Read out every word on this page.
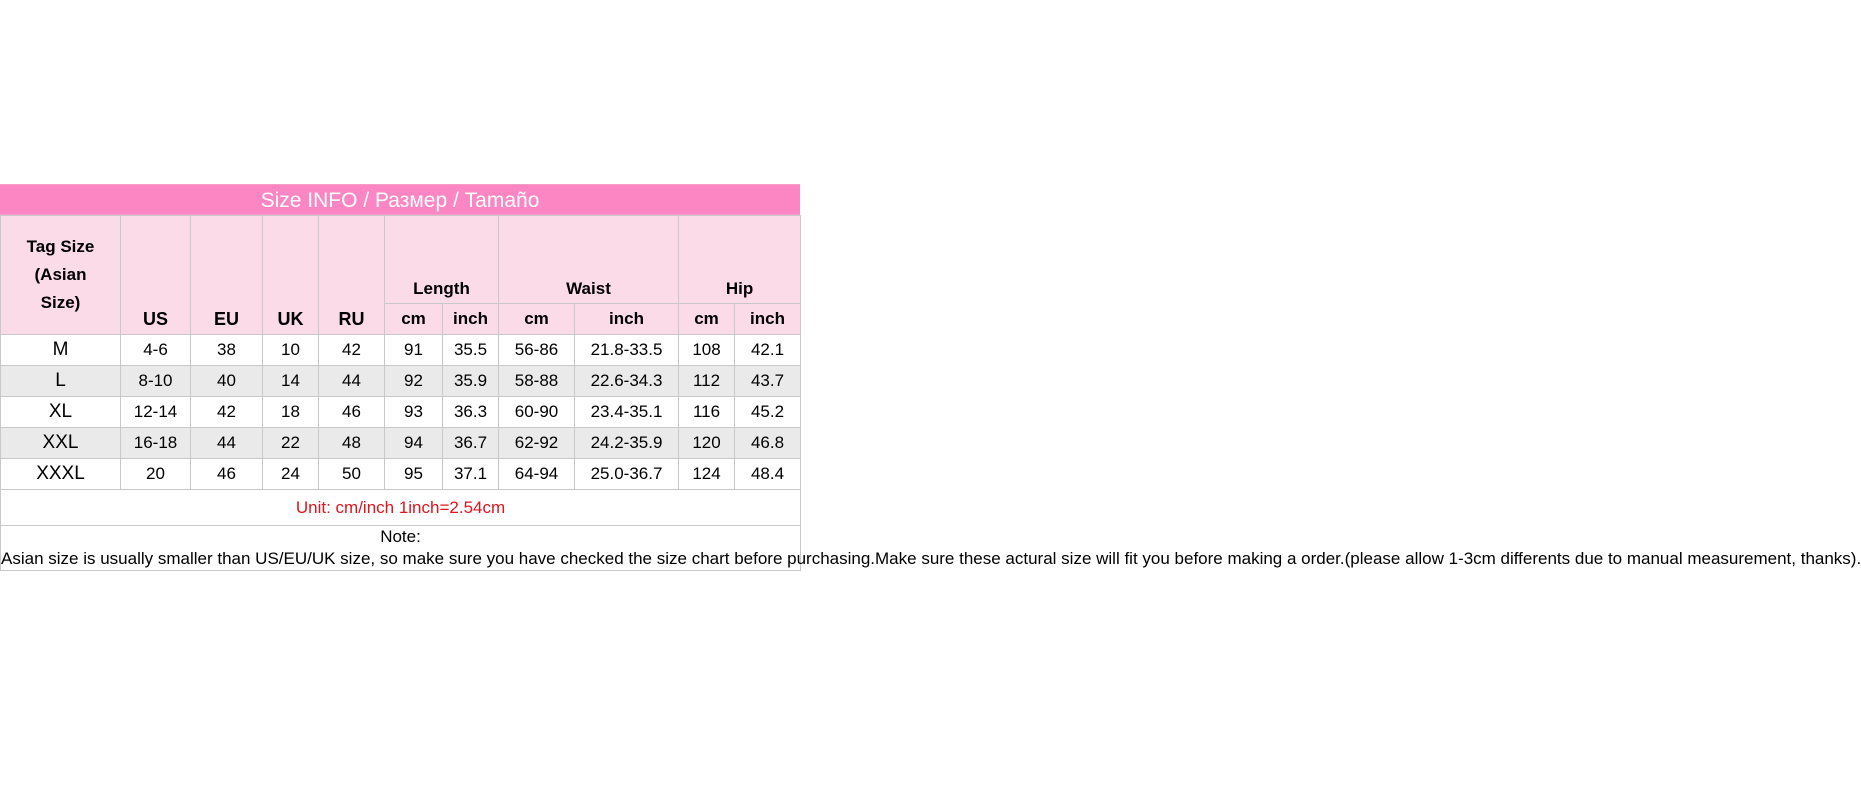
Size INFO / Размер / Tamaño
Tag Size
(Asian
Size)	US	EU	UK	RU	Length		Waist		Hip	
					cm	inch	cm	inch	cm	inch
M	4-6	38	10	42	91	35.5	56-86	21.8-33.5	108	42.1
L	8-10	40	14	44	92	35.9	58-88	22.6-34.3	112	43.7
XL	12-14	42	18	46	93	36.3	60-90	23.4-35.1	116	45.2
XXL	16-18	44	22	48	94	36.7	62-92	24.2-35.9	120	46.8
XXXL	20	46	24	50	95	37.1	64-94	25.0-36.7	124	48.4
Unit: cm/inch 1inch=2.54cm										

Note:
Asian size is usually smaller than US/EU/UK size, so make sure you have checked the size chart before purchasing.Make sure these actural size will fit you before making a order.(please allow 1-3cm differents due to manual measurement, thanks).										
